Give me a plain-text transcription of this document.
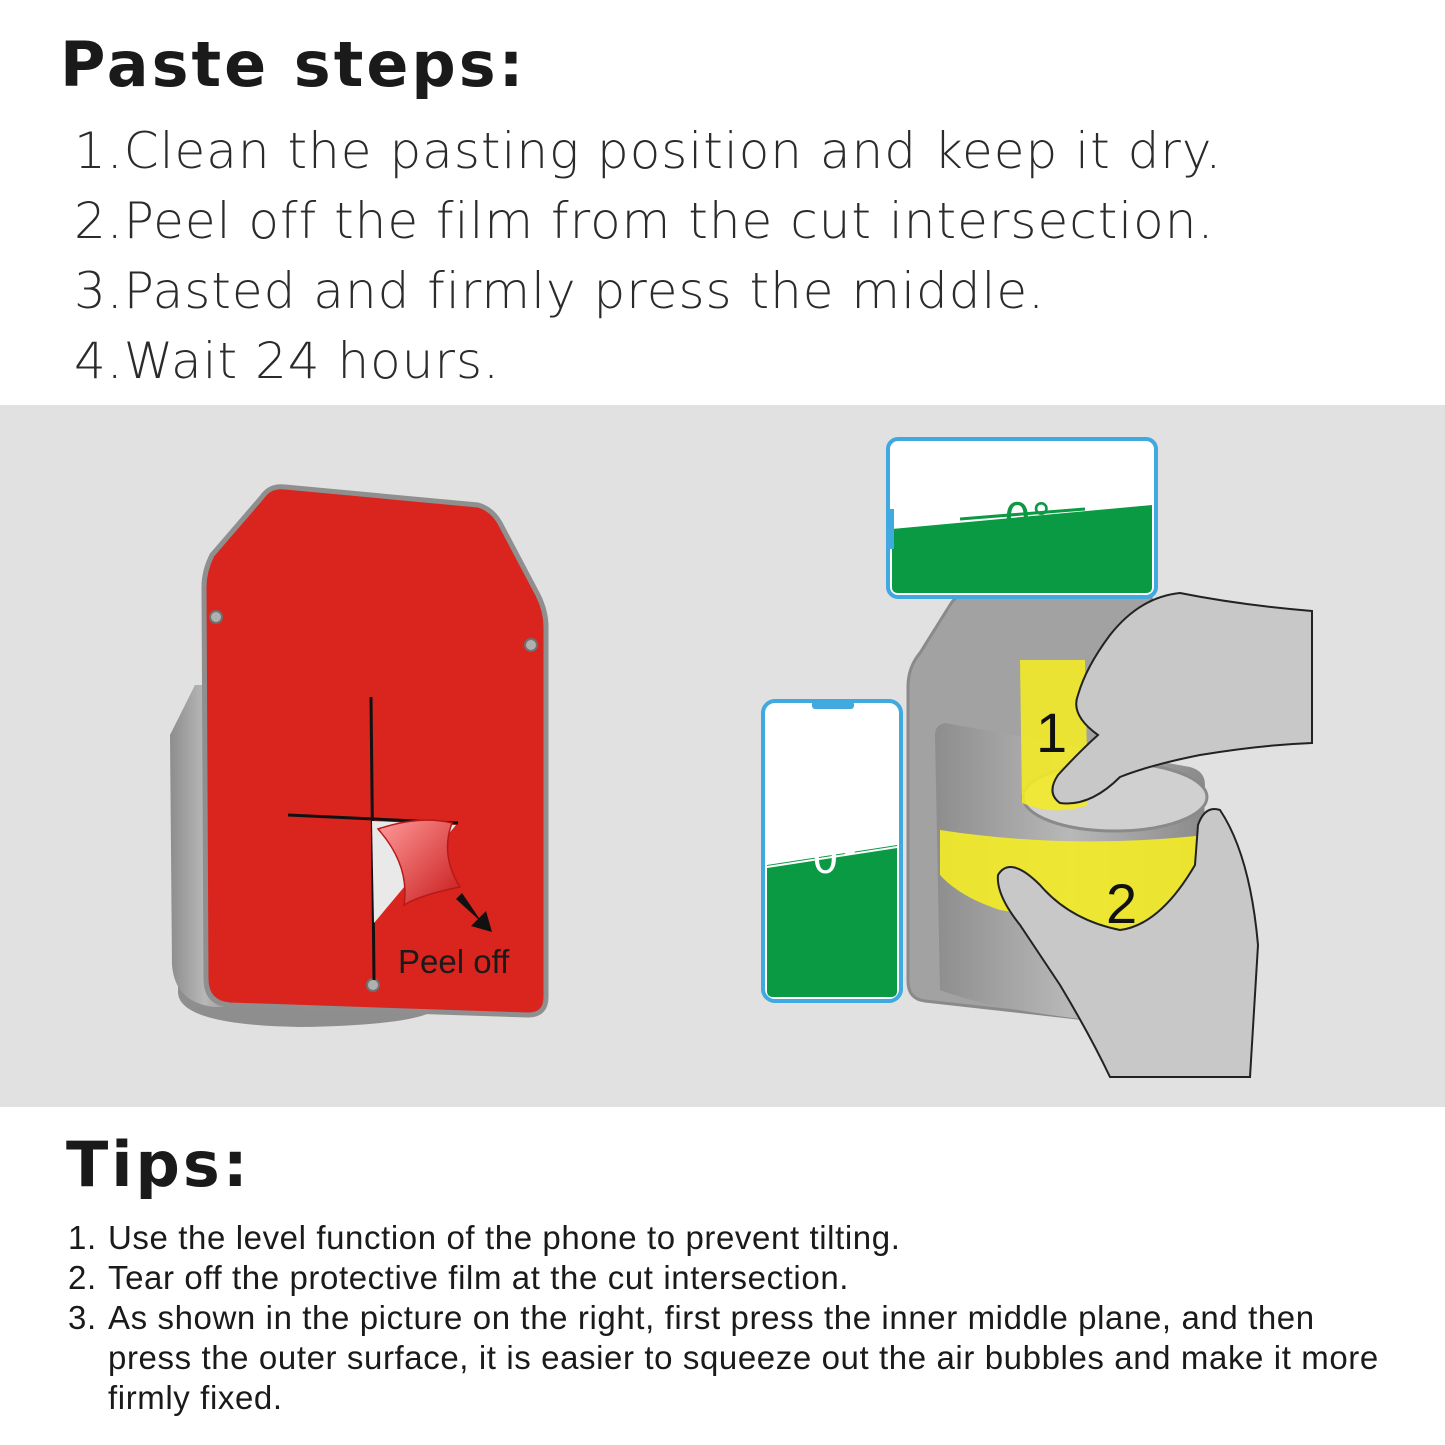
Paste steps:
1.Clean the pasting position and keep it dry.
2.Peel off the film from the cut intersection.
3.Pasted and firmly press the middle.
4.Wait 24 hours.
Peel off
1
2
0°
0°
Tips:
1. Use the level function of the phone to prevent tilting.
2. Tear off the protective film at the cut intersection.
3. As shown in the picture on the right, first press the inner middle plane, and then press the outer surface, it is easier to squeeze out the air bubbles and make it more firmly fixed.
